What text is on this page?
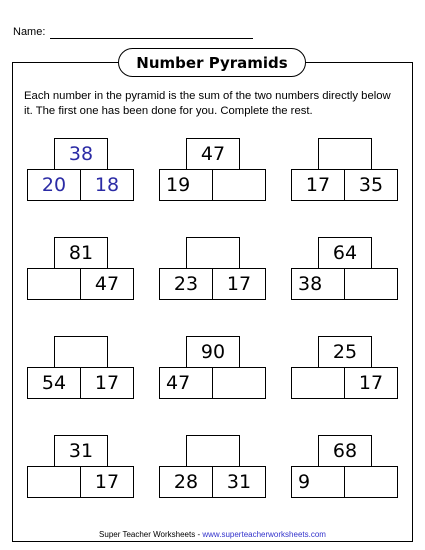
Name:
Number Pyramids
Each number in the pyramid is the sum of the two numbers directly below it. The first one has been done for you. Complete the rest.
38
20	18
47
19	17	35
81
47	23	17
64
38
54	17
90
47
25
17
31
17	28	31
68
9
Super Teacher Worksheets - www.superteacherworksheets.com
